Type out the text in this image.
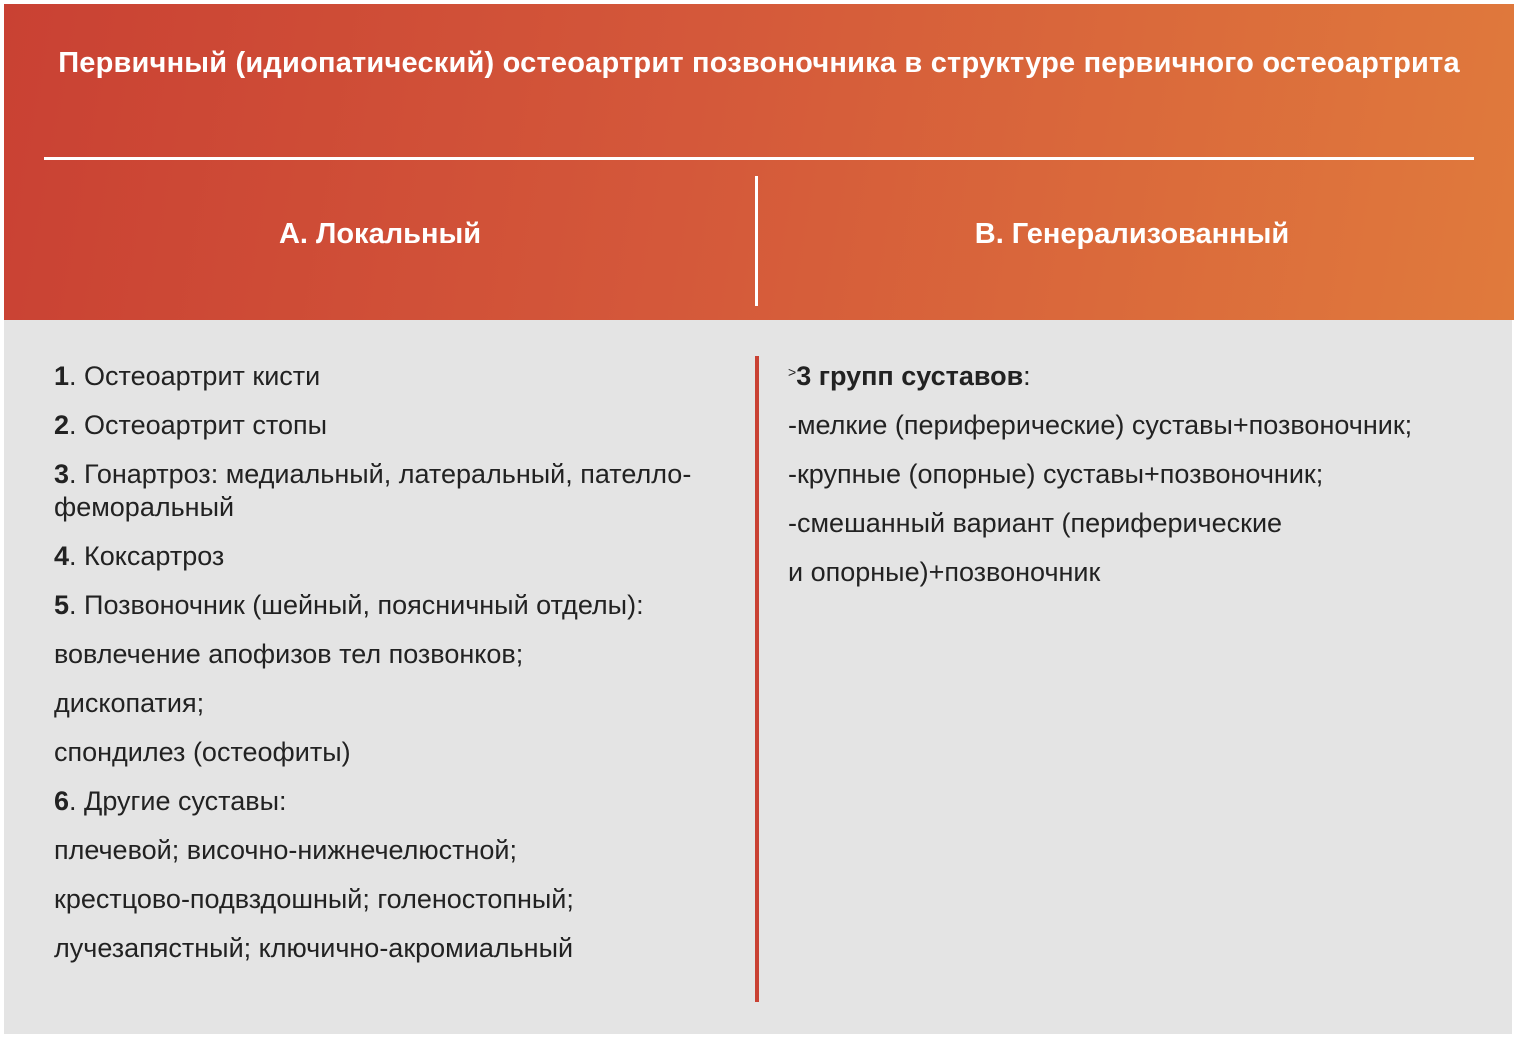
Первичный (идиопатический) остеоартрит позвоночника в структуре первичного остеоартрита
А. Локальный	В. Генерализованный
1. Остеоартрит кисти
2. Остеоартрит стопы
3. Гонартроз: медиальный, латеральный, пателло-феморальный
4. Коксартроз
5. Позвоночник (шейный, поясничный отделы):
вовлечение апофизов тел позвонков;
дископатия;
спондилез (остеофиты)
6. Другие суставы:
плечевой; височно-нижнечелюстной;
крестцово-подвздошный; голеностопный;
лучезапястный; ключично-акромиальный
˃3 групп суставов:
-мелкие (периферические) суставы+позвоночник;
-крупные (опорные) суставы+позвоночник;
-смешанный вариант (периферические
и опорные)+позвоночник
